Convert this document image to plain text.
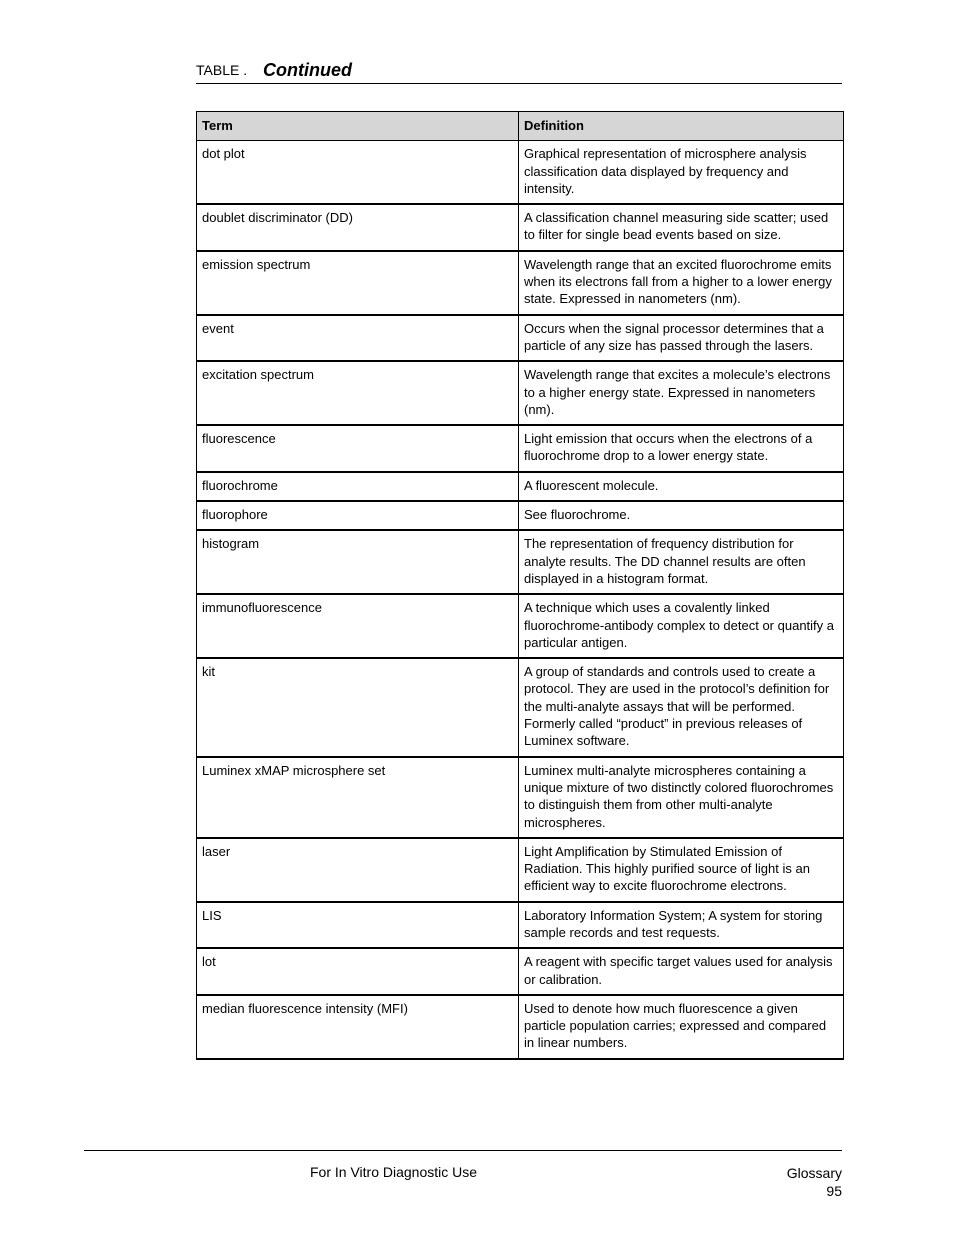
TABLE . Continued
Term	Definition
dot plot	Graphical representation of microsphere analysis classification data displayed by frequency and intensity.
doublet discriminator (DD)	A classification channel measuring side scatter; used to filter for single bead events based on size.
emission spectrum	Wavelength range that an excited fluorochrome emits when its electrons fall from a higher to a lower energy state. Expressed in nanometers (nm).
event	Occurs when the signal processor determines that a particle of any size has passed through the lasers.
excitation spectrum	Wavelength range that excites a molecule’s electrons to a higher energy state. Expressed in nanometers (nm).
fluorescence	Light emission that occurs when the electrons of a fluorochrome drop to a lower energy state.
fluorochrome	A fluorescent molecule.
fluorophore	See fluorochrome.
histogram	The representation of frequency distribution for analyte results. The DD channel results are often displayed in a histogram format.
immunofluorescence	A technique which uses a covalently linked fluorochrome-antibody complex to detect or quantify a particular antigen.
kit	A group of standards and controls used to create a protocol. They are used in the protocol’s definition for the multi-analyte assays that will be performed. Formerly called “product” in previous releases of Luminex software.
Luminex xMAP microsphere set	Luminex multi-analyte microspheres containing a unique mixture of two distinctly colored fluorochromes to distinguish them from other multi-analyte microspheres.
laser	Light Amplification by Stimulated Emission of Radiation. This highly purified source of light is an efficient way to excite fluorochrome electrons.
LIS	Laboratory Information System; A system for storing sample records and test requests.
lot	A reagent with specific target values used for analysis or calibration.
median fluorescence intensity (MFI)	Used to denote how much fluorescence a given particle population carries; expressed and compared in linear numbers.
For In Vitro Diagnostic Use	Glossary
95
